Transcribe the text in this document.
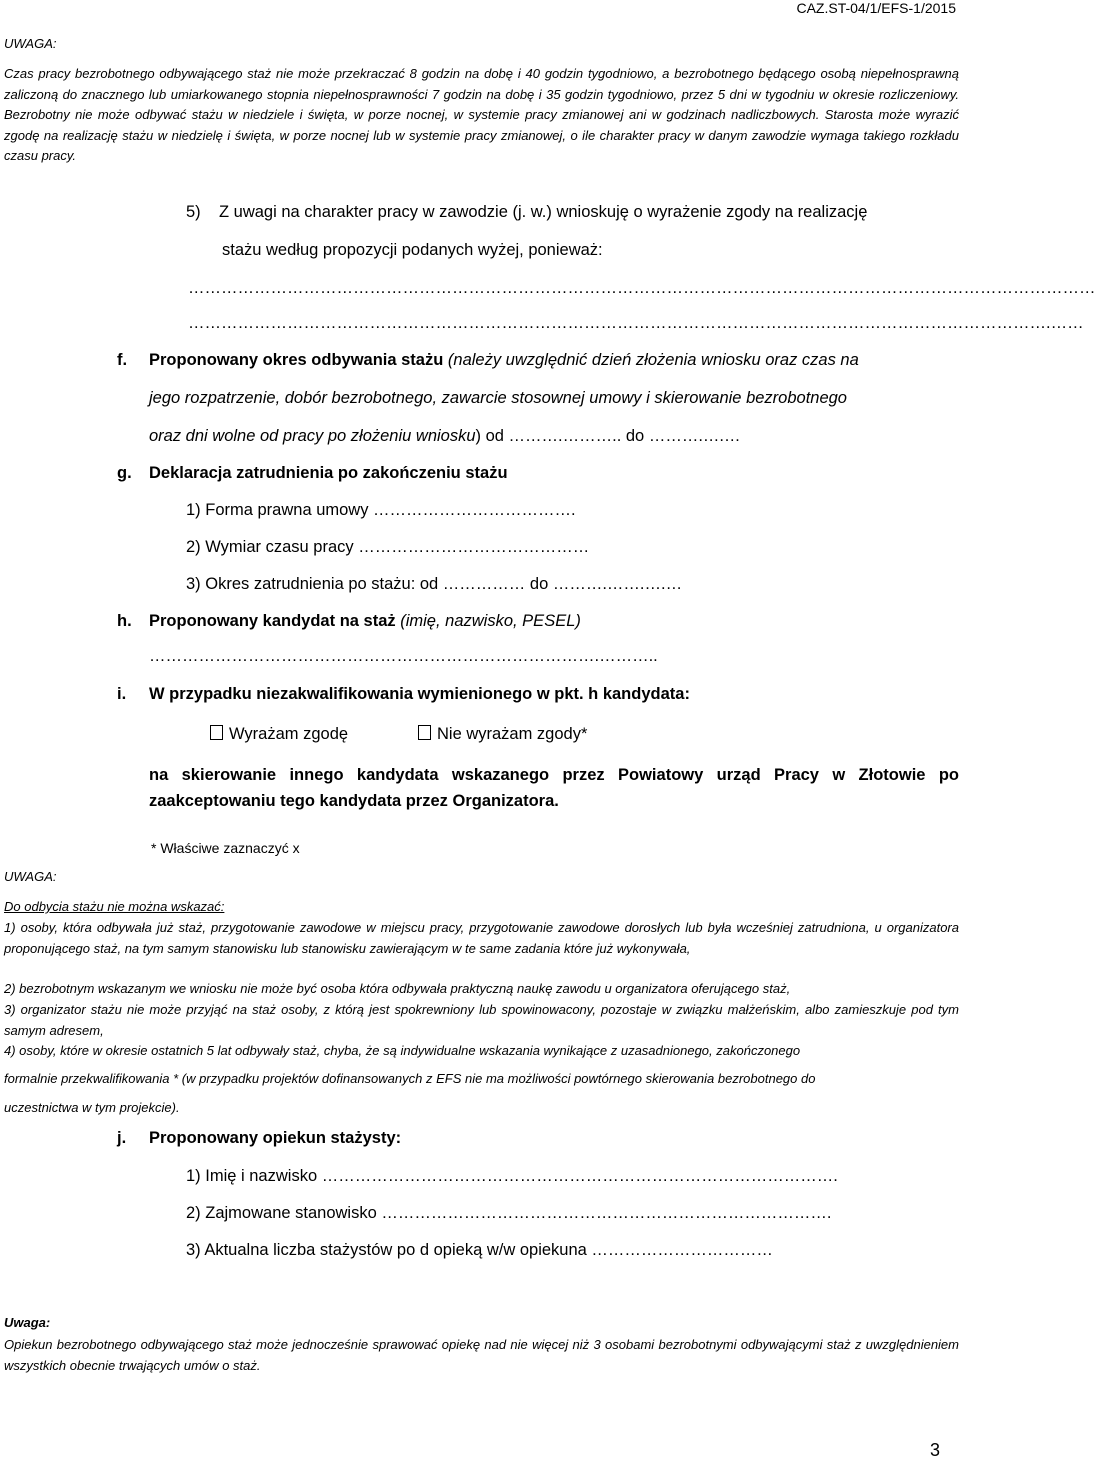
CAZ.ST-04/1/EFS-1/2015
UWAGA:
Czas pracy bezrobotnego odbywającego staż nie może przekraczać 8 godzin na dobę i 40 godzin tygodniowo, a bezrobotnego będącego osobą niepełnosprawną zaliczoną do znacznego lub umiarkowanego stopnia niepełnosprawności 7 godzin na dobę i 35 godzin tygodniowo, przez 5 dni w tygodniu w okresie rozliczeniowy. Bezrobotny nie może odbywać stażu w niedziele i święta, w porze nocnej, w systemie pracy zmianowej ani w godzinach nadliczbowych. Starosta może wyrazić zgodę na realizację stażu w niedzielę i święta, w porze nocnej lub w systemie pracy zmianowej, o ile charakter pracy w danym zawodzie wymaga takiego rozkładu czasu pracy.
5) Z uwagi na charakter pracy w zawodzie (j. w.) wnioskuję o wyrażenie zgody na realizację
stażu według propozycji podanych wyżej, ponieważ:
…………………………………………………………………………………………………………………………………………………
………………………………………………………………………………………………………………………………………….……
f. Proponowany okres odbywania stażu (należy uwzględnić dzień złożenia wniosku oraz czas na
jego rozpatrzenie, dobór bezrobotnego, zawarcie stosownej umowy i skierowanie bezrobotnego
oraz dni wolne od pracy po złożeniu wniosku) od ……….……….. do ……….….…
g. Deklaracja zatrudnienia po zakończeniu stażu
1) Forma prawna umowy ……………………………….
2) Wymiar czasu pracy ……………………………………
3) Okres zatrudnienia po stażu: od …………… do ……….…….….…
h. Proponowany kandydat na staż (imię, nazwisko, PESEL)
……………………………………………………………………….………..
i. W przypadku niezakwalifikowania wymienionego w pkt. h kandydata:
Wyrażam zgodę	Nie wyrażam zgody*
na skierowanie innego kandydata wskazanego przez Powiatowy urząd Pracy w Złotowie po zaakceptowaniu tego kandydata przez Organizatora.
* Właściwe zaznaczyć x
UWAGA:
Do odbycia stażu nie można wskazać:
1) osoby, która odbywała już staż, przygotowanie zawodowe w miejscu pracy, przygotowanie zawodowe dorosłych lub była wcześniej zatrudniona, u organizatora proponującego staż, na tym samym stanowisku lub stanowisku zawierającym w te same zadania które już wykonywała,
2) bezrobotnym wskazanym we wniosku nie może być osoba która odbywała praktyczną naukę zawodu u organizatora oferującego staż,
3) organizator stażu nie może przyjąć na staż osoby, z którą jest spokrewniony lub spowinowacony, pozostaje w związku małżeńskim, albo zamieszkuje pod tym samym adresem,
4) osoby, które w okresie ostatnich 5 lat odbywały staż, chyba, że są indywidualne wskazania wynikające z uzasadnionego, zakończonego
formalnie przekwalifikowania * (w przypadku projektów dofinansowanych z EFS nie ma możliwości powtórnego skierowania bezrobotnego do
uczestnictwa w tym projekcie).
j. Proponowany opiekun stażysty:
1) Imię i nazwisko ………………………………………………………………………………….
2) Zajmowane stanowisko ……………………………………………………………………….
3) Aktualna liczba stażystów po d opieką w/w opiekuna ……………………………
Uwaga:
Opiekun bezrobotnego odbywającego staż może jednocześnie sprawować opiekę nad nie więcej niż 3 osobami bezrobotnymi odbywającymi staż z uwzględnieniem wszystkich obecnie trwających umów o staż.
3
